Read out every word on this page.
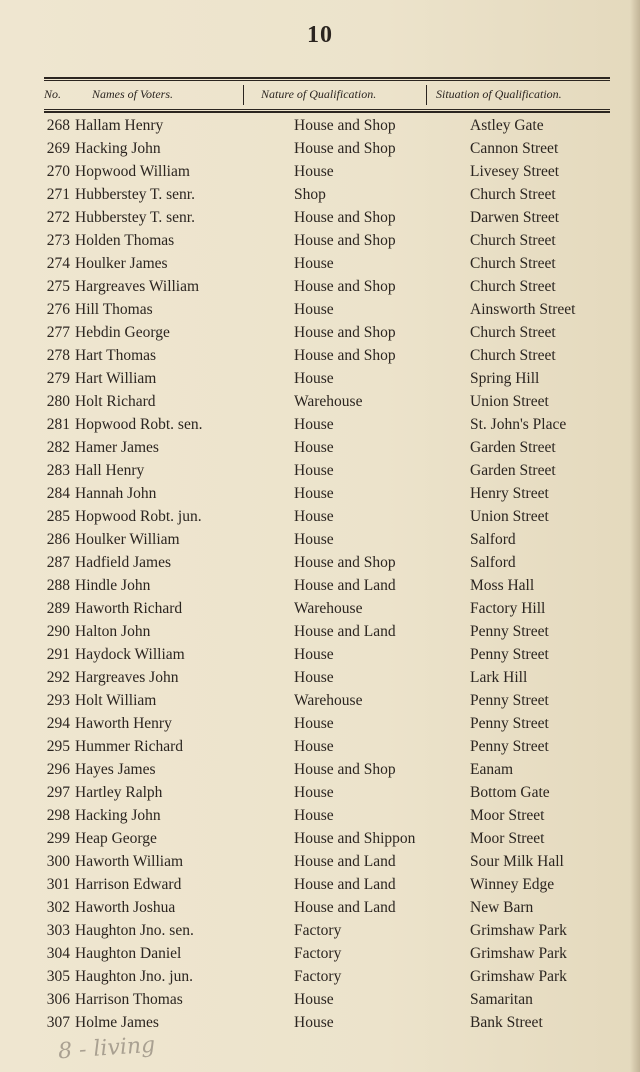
10
No.	Names of Voters.	Nature of Qualification.	Situation of Qualification.
268 Hallam Henry	House and Shop	Astley Gate
269 Hacking John	House and Shop	Cannon Street
270 Hopwood William	House	Livesey Street
271 Hubberstey T. senr.	Shop	Church Street
272 Hubberstey T. senr.	House and Shop	Darwen Street
273 Holden Thomas	House and Shop	Church Street
274 Houlker James	House	Church Street
275 Hargreaves William	House and Shop	Church Street
276 Hill Thomas	House	Ainsworth Street
277 Hebdin George	House and Shop	Church Street
278 Hart Thomas	House and Shop	Church Street
279 Hart William	House	Spring Hill
280 Holt Richard	Warehouse	Union Street
281 Hopwood Robt. sen.	House	St. John's Place
282 Hamer James	House	Garden Street
283 Hall Henry	House	Garden Street
284 Hannah John	House	Henry Street
285 Hopwood Robt. jun.	House	Union Street
286 Houlker William	House	Salford
287 Hadfield James	House and Shop	Salford
288 Hindle John	House and Land	Moss Hall
289 Haworth Richard	Warehouse	Factory Hill
290 Halton John	House and Land	Penny Street
291 Haydock William	House	Penny Street
292 Hargreaves John	House	Lark Hill
293 Holt William	Warehouse	Penny Street
294 Haworth Henry	House	Penny Street
295 Hummer Richard	House	Penny Street
296 Hayes James	House and Shop	Eanam
297 Hartley Ralph	House	Bottom Gate
298 Hacking John	House	Moor Street
299 Heap George	House and Shippon	Moor Street
300 Haworth William	House and Land	Sour Milk Hall
301 Harrison Edward	House and Land	Winney Edge
302 Haworth Joshua	House and Land	New Barn
303 Haughton Jno. sen.	Factory	Grimshaw Park
304 Haughton Daniel	Factory	Grimshaw Park
305 Haughton Jno. jun.	Factory	Grimshaw Park
306 Harrison Thomas	House	Samaritan
307 Holme James	House	Bank Street
8 - living
